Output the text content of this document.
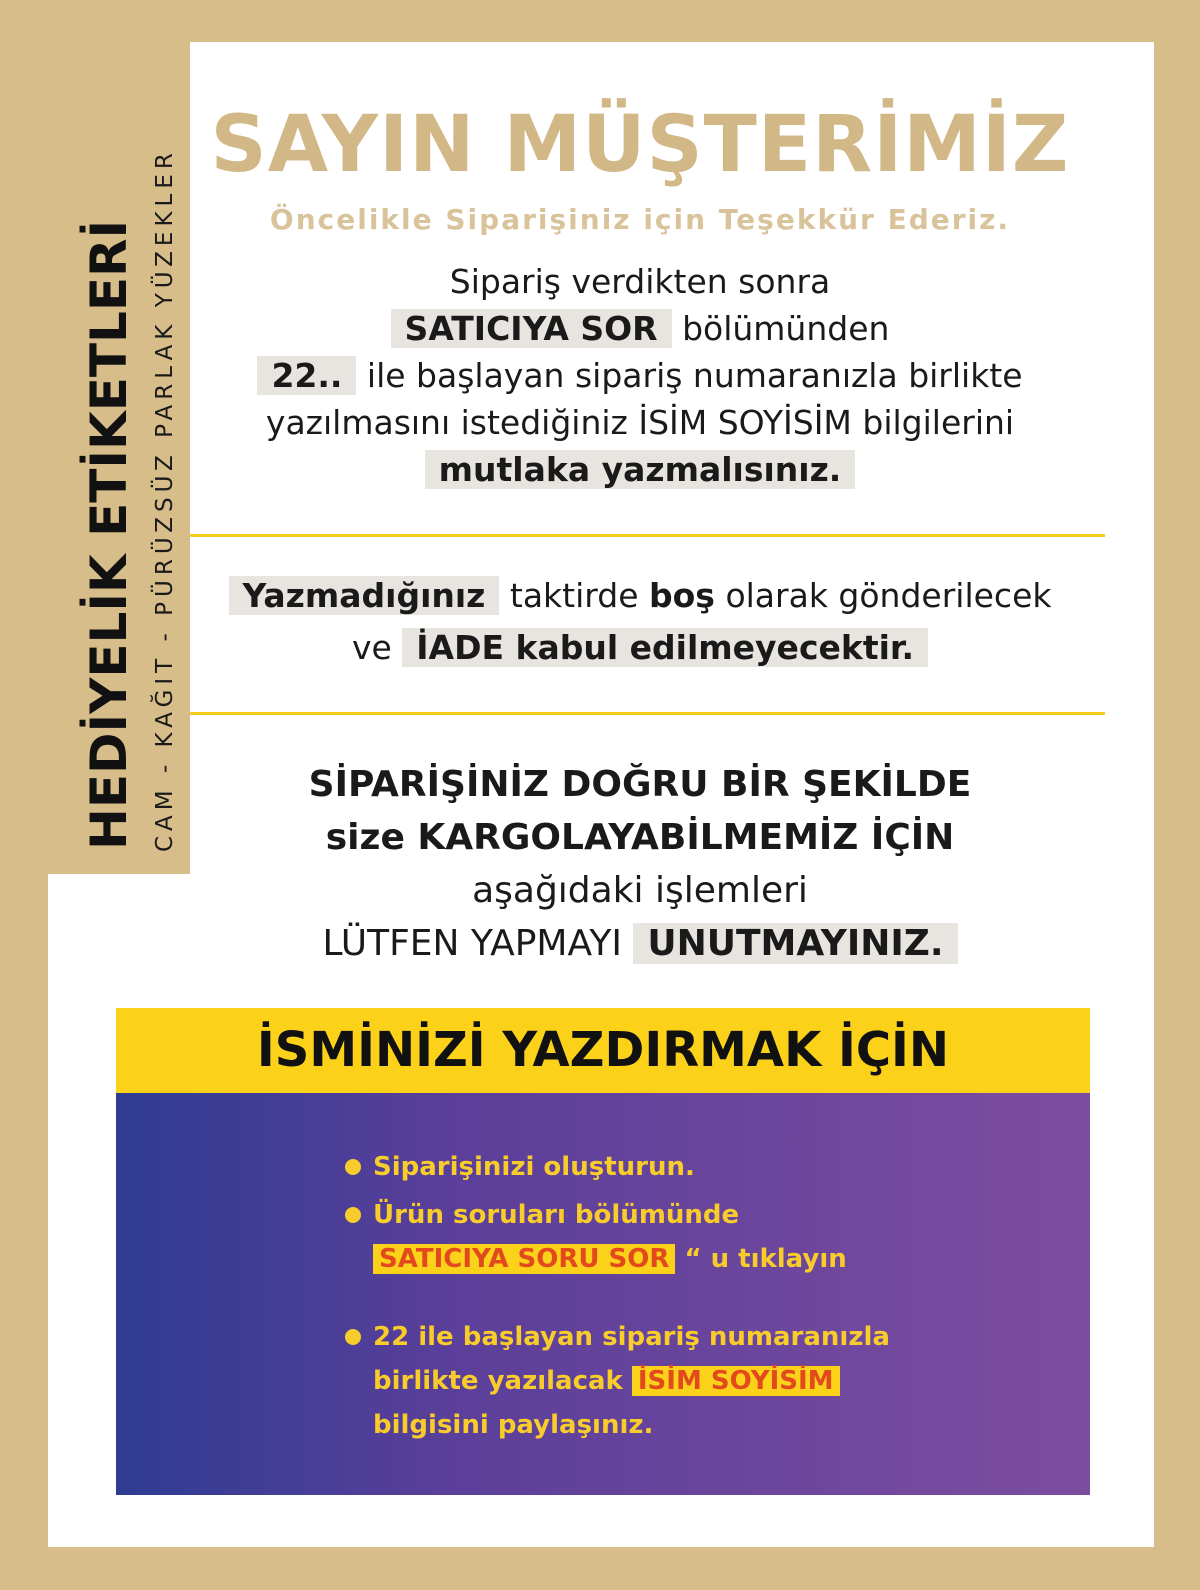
HEDİYELİK ETİKETLERİ CAM - KAĞIT - PÜRÜZSÜZ PARLAK YÜZEKLER
SAYIN MÜŞTERİMİZ
Öncelikle Siparişiniz için Teşekkür Ederiz.
Sipariş verdikten sonra
SATICIYA SOR bölümünden
22.. ile başlayan sipariş numaranızla birlikte
yazılmasını istediğiniz İSİM SOYİSİM bilgilerini
mutlaka yazmalısınız.
Yazmadığınız taktirde boş olarak gönderilecek
ve İADE kabul edilmeyecektir.
SİPARİŞİNİZ DOĞRU BİR ŞEKİLDE
size KARGOLAYABİLMEMİZ İÇİN
aşağıdaki işlemleri
LÜTFEN YAPMAYI UNUTMAYINIZ.
İSMİNİZİ YAZDIRMAK İÇİN
Siparişinizi oluşturun.
Ürün soruları bölümünde
SATICIYA SORU SOR “ u tıklayın
22 ile başlayan sipariş numaranızla
birlikte yazılacak İSİM SOYİSİM
bilgisini paylaşınız.
